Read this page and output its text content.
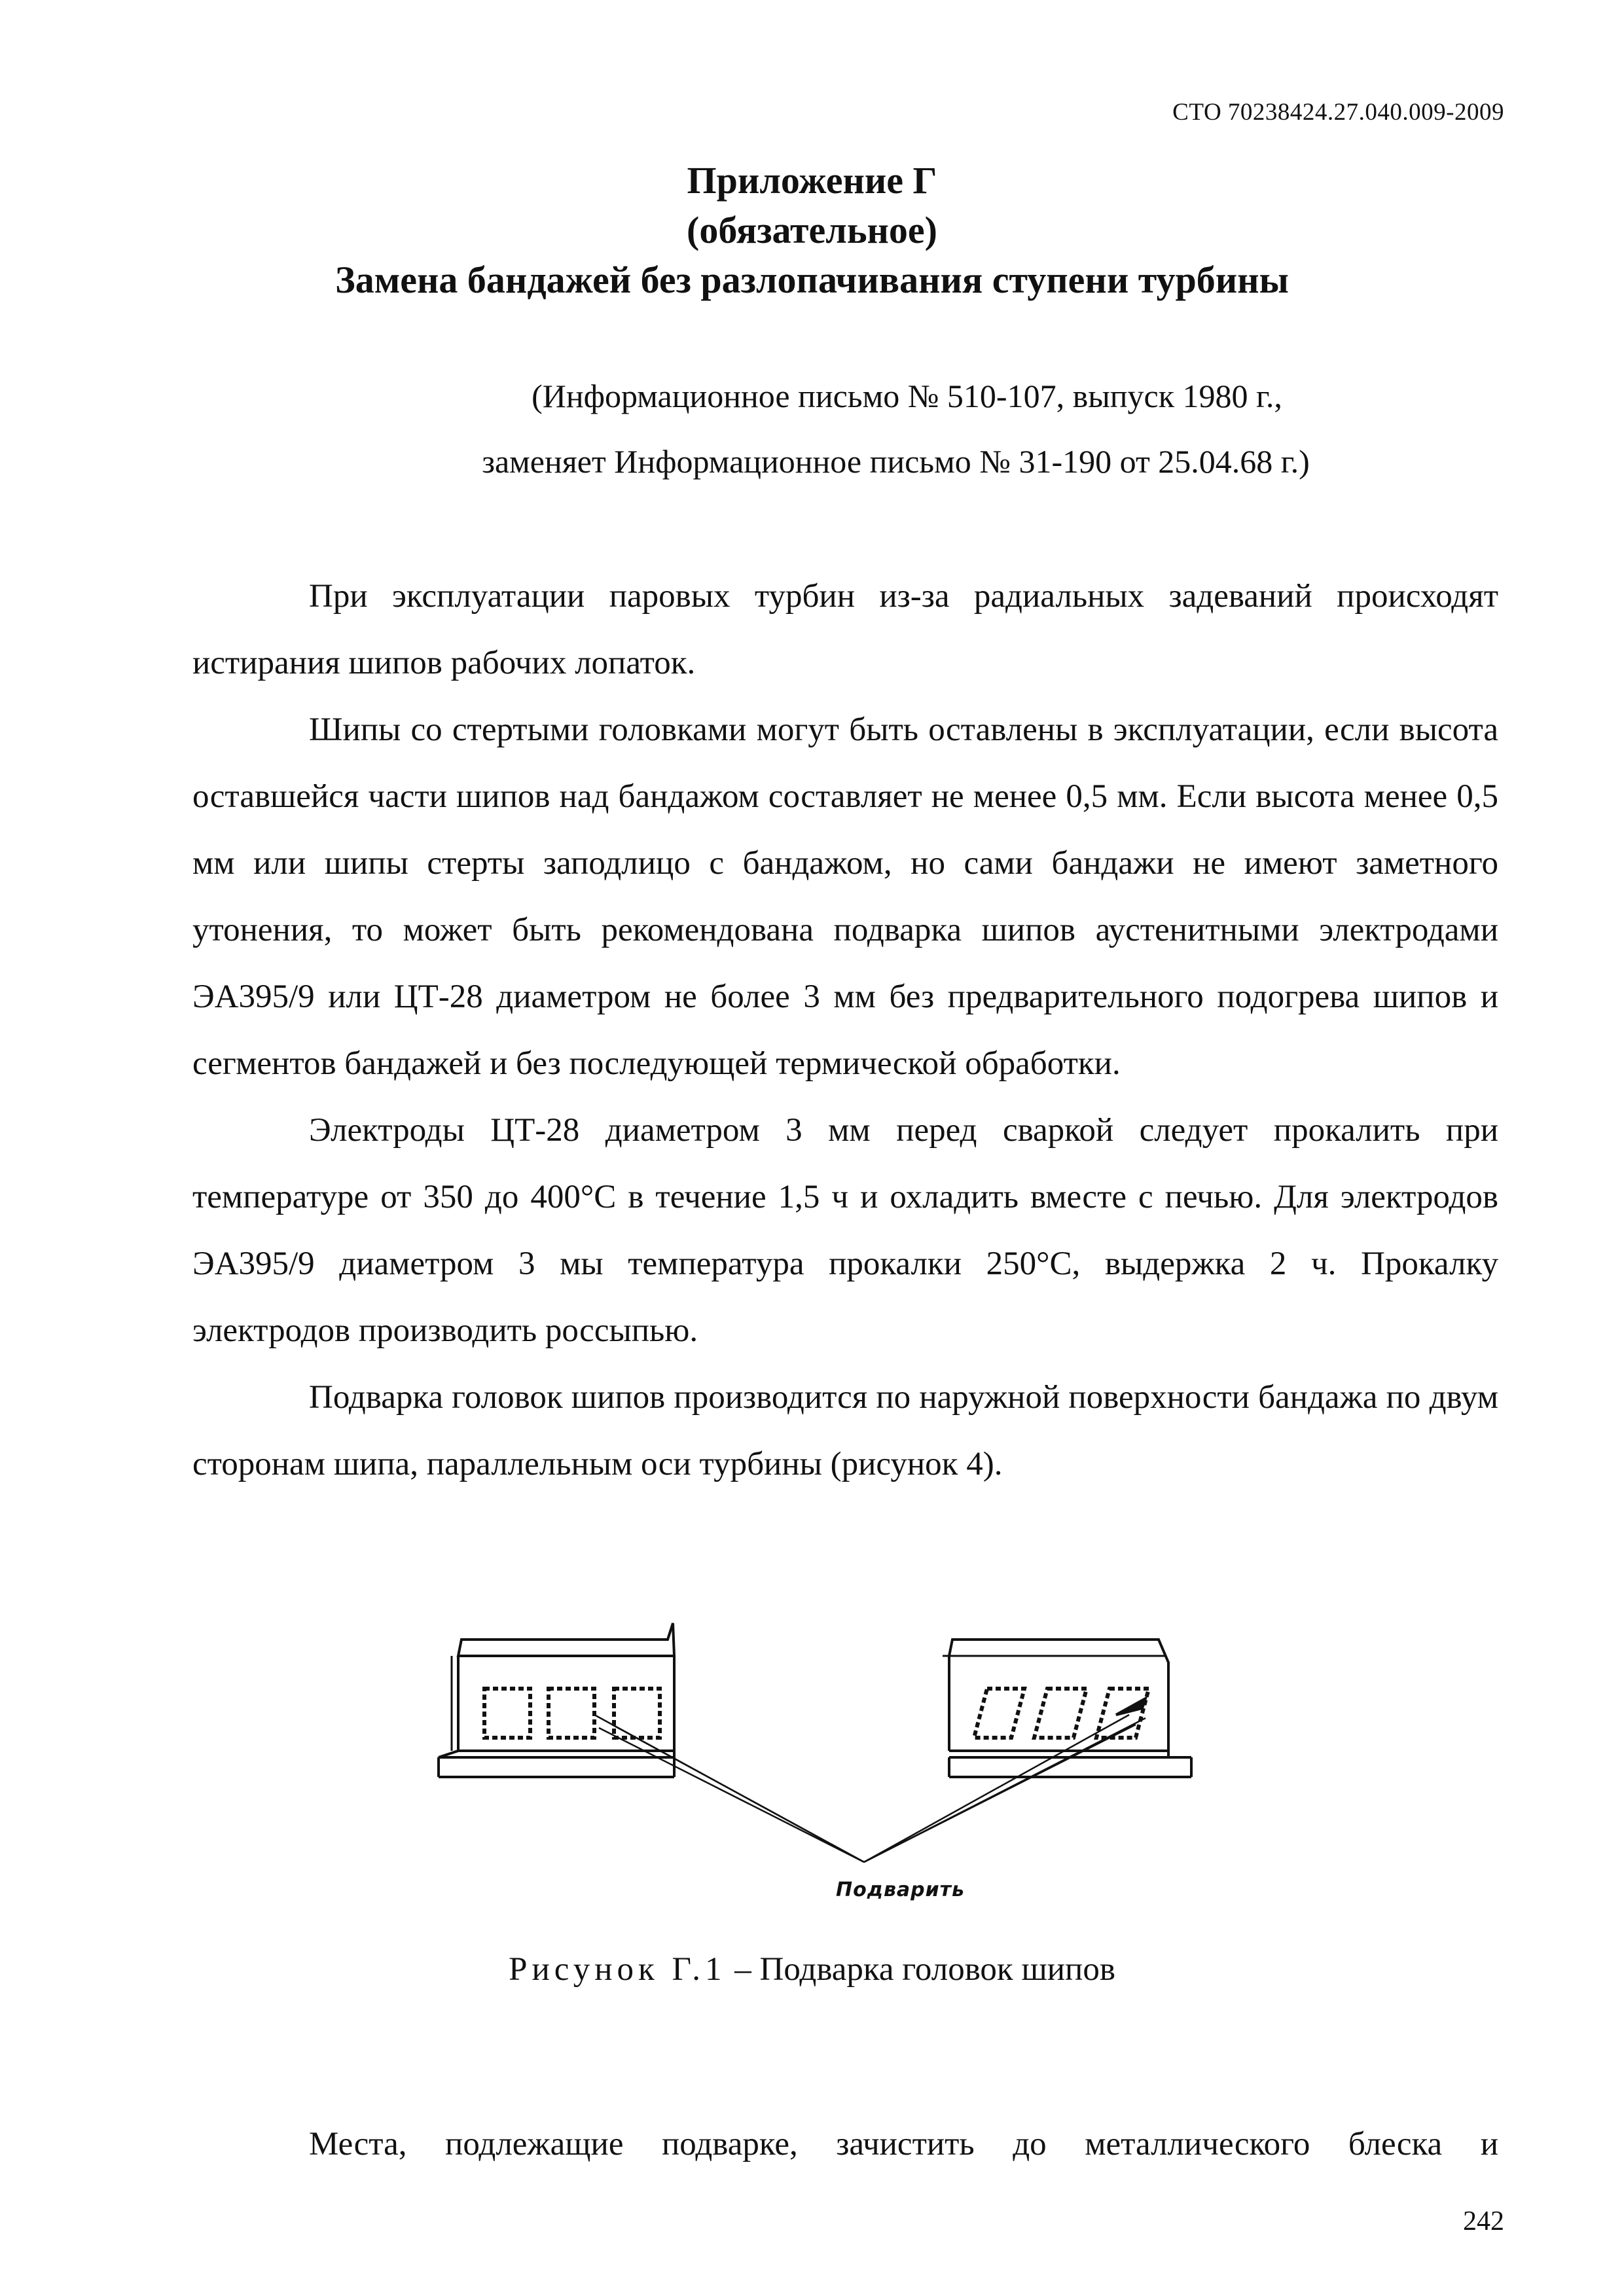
СТО 70238424.27.040.009-2009
Приложение Г
(обязательное)
Замена бандажей без разлопачивания ступени турбины
(Информационное письмо № 510-107, выпуск 1980 г.,
заменяет Информационное письмо № 31-190 от 25.04.68 г.)

При эксплуатации паровых турбин из-за радиальных задеваний происходят истирания шипов рабочих лопаток.

Шипы со стертыми головками могут быть оставлены в эксплуатации, если высота оставшейся части шипов над бандажом составляет не менее 0,5 мм. Если высота менее 0,5 мм или шипы стерты заподлицо с бандажом, но сами бандажи не имеют заметного утонения, то может быть рекомендована подварка шипов аустенитными электродами ЭА395/9 или ЦТ-28 диаметром не более 3 мм без предварительного подогрева шипов и сегментов бандажей и без последующей термической обработки.

Электроды ЦТ-28 диаметром 3 мм перед сваркой следует прокалить при температуре от 350 до 400°С в течение 1,5 ч и охладить вместе с печью. Для электродов ЭА395/9 диаметром 3 мы температура прокалки 250°С, выдержка 2 ч. Прокалку электродов производить россыпью.

Подварка головок шипов производится по наружной поверхности бандажа по двум сторонам шипа, параллельным оси турбины (рисунок 4).

Подварить
Рисунок Г.1 – Подварка головок шипов

Места, подлежащие подварке, зачистить до металлического блеска и

242
